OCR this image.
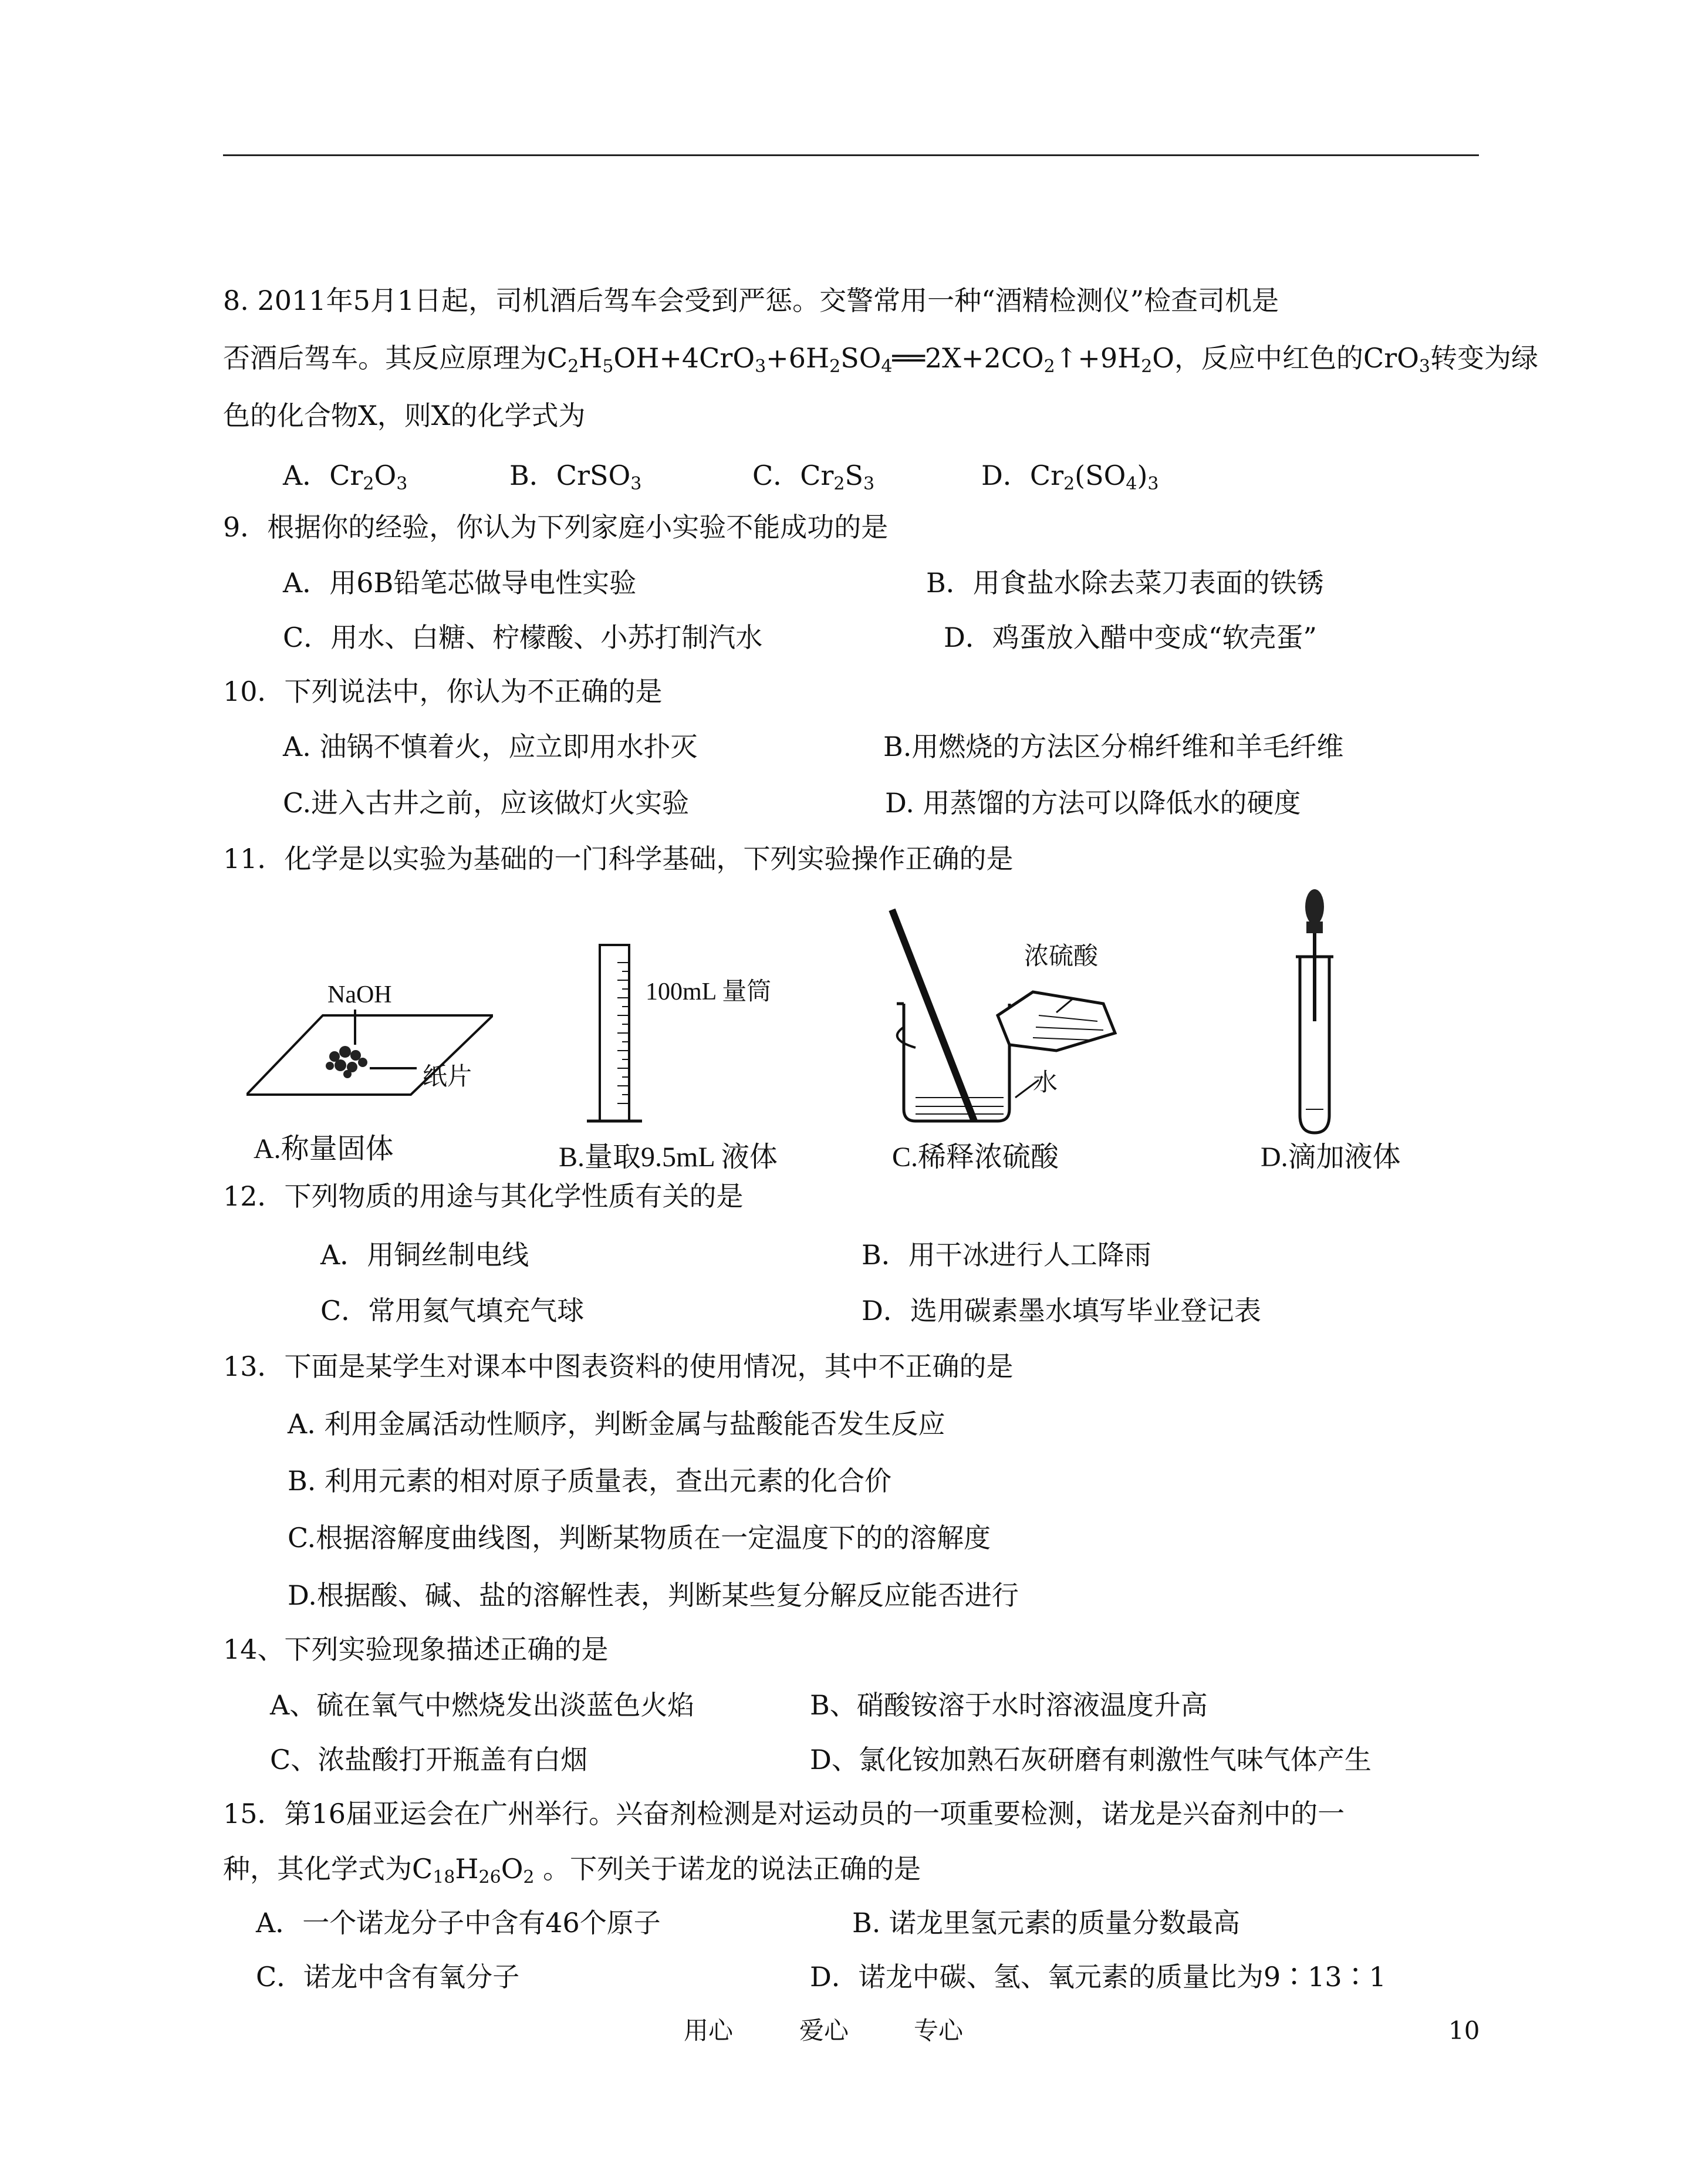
8. 2011年5月1日起，司机酒后驾车会受到严惩。交警常用一种“酒精检测仪”检查司机是
否酒后驾车。其反应原理为$C_2H_5OH+4CrO_3+6H_2SO_4══2X+2CO_2↑+9H_2O$，反应中红色的CrO$_3$转变为绿
色的化合物X，则X的化学式为
A．$Cr_2O_3$	B．CrSO$_3$	C．$Cr_2S_3$	D．$Cr_2(SO_4)_3$
9．根据你的经验，你认为下列家庭小实验不能成功的是
A．用6B铅笔芯做导电性实验	B．用食盐水除去菜刀表面的铁锈
C．用水、白糖、柠檬酸、小苏打制汽水	D．鸡蛋放入醋中变成“软壳蛋”
10．下列说法中，你认为不正确的是
A. 油锅不慎着火，应立即用水扑灭	B.用燃烧的方法区分棉纤维和羊毛纤维
C.进入古井之前，应该做灯火实验	D. 用蒸馏的方法可以降低水的硬度
11．化学是以实验为基础的一门科学基础，下列实验操作正确的是
NaOH
纸片
100mL 量筒
浓硫酸
水
A.称量固体	B.量取9.5mL 液体	C.稀释浓硫酸	D.滴加液体
12．下列物质的用途与其化学性质有关的是
A．用铜丝制电线	B．用干冰进行人工降雨
C．常用氦气填充气球	D．选用碳素墨水填写毕业登记表
13．下面是某学生对课本中图表资料的使用情况，其中不正确的是
A. 利用金属活动性顺序，判断金属与盐酸能否发生反应
B. 利用元素的相对原子质量表，查出元素的化合价
C.根据溶解度曲线图，判断某物质在一定温度下的的溶解度
D.根据酸、碱、盐的溶解性表，判断某些复分解反应能否进行
14、下列实验现象描述正确的是
A、硫在氧气中燃烧发出淡蓝色火焰	B、硝酸铵溶于水时溶液温度升高
C、浓盐酸打开瓶盖有白烟	D、氯化铵加熟石灰研磨有刺激性气味气体产生
15．第16届亚运会在广州举行。兴奋剂检测是对运动员的一项重要检测，诺龙是兴奋剂中的一
种，其化学式为$C_{18}H_{26}O_2$ 。下列关于诺龙的说法正确的是
A．一个诺龙分子中含有46个原子	B. 诺龙里氢元素的质量分数最高
C．诺龙中含有氧分子	D．诺龙中碳、氢、氧元素的质量比为9∶13∶1
用心	爱心	专心	10
